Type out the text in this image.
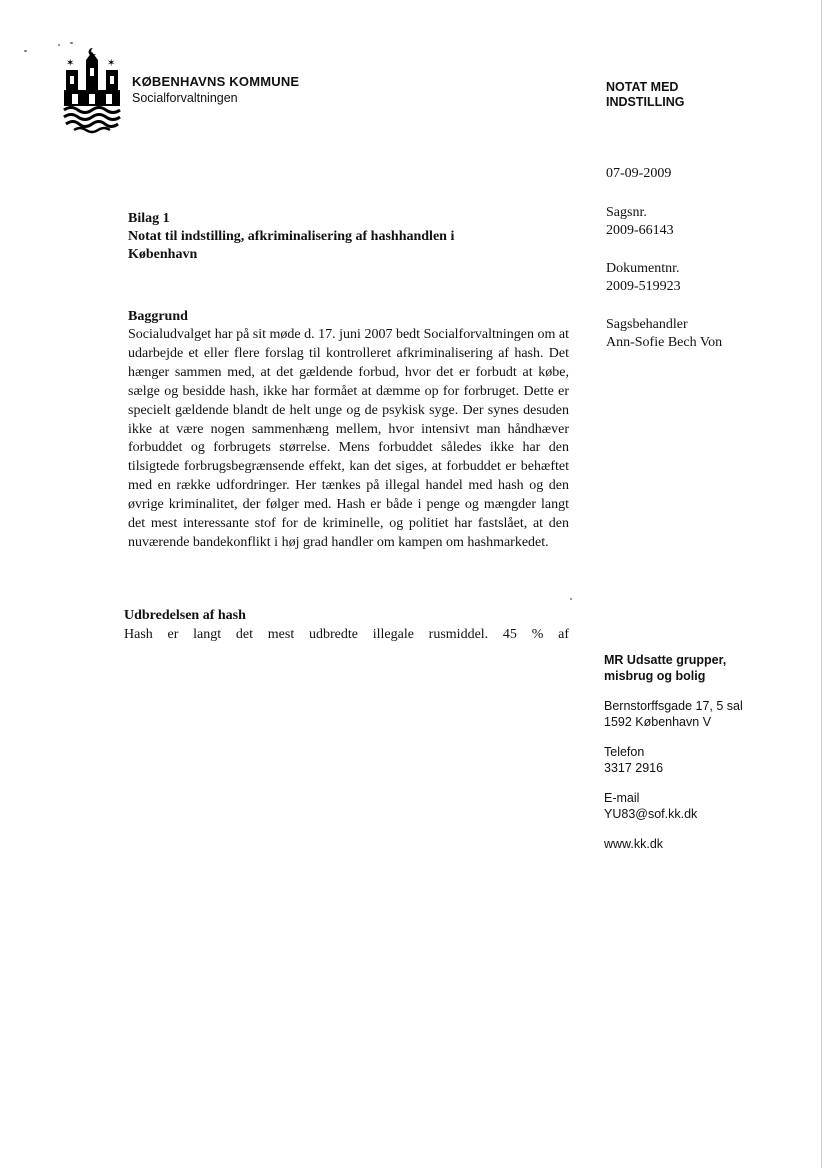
✶	✶
KØBENHAVNS KOMMUNE
Socialforvaltningen
NOTAT MED
INDSTILLING
07-09-2009
Sagsnr.
2009-66143
Dokumentnr.
2009-519923
Sagsbehandler
Ann-Sofie Bech Von
Bilag 1
Notat til indstilling, afkriminalisering af hashhandlen i
København
Baggrund

Socialudvalget har på sit møde d. 17. juni 2007 bedt Socialforvaltningen om at udarbejde et eller flere forslag til kontrolleret afkriminalisering af hash. Det hænger sammen med, at det gældende forbud, hvor det er forbudt at købe, sælge og besidde hash, ikke har formået at dæmme op for forbruget. Dette er specielt gældende blandt de helt unge og de psykisk syge. Der synes desuden ikke at være nogen sammenhæng mellem, hvor intensivt man håndhæver forbuddet og forbrugets størrelse. Mens forbuddet således ikke har den tilsigtede forbrugsbegrænsende effekt, kan det siges, at forbuddet er behæftet med en række udfordringer. Her tænkes på illegal handel med hash og den øvrige kriminalitet, der følger med. Hash er både i penge og mængder langt det mest interessante stof for de kriminelle, og politiet har fastslået, at den nuværende bandekonflikt i høj grad handler om kampen om hashmarkedet.

Udbredelsen af hash
Hash er langt det mest udbredte illegale rusmiddel. 45 % af
MR Udsatte grupper,
misbrug og bolig
Bernstorffsgade 17, 5 sal
1592 København V
Telefon
3317 2916
E-mail
YU83@sof.kk.dk
www.kk.dk
